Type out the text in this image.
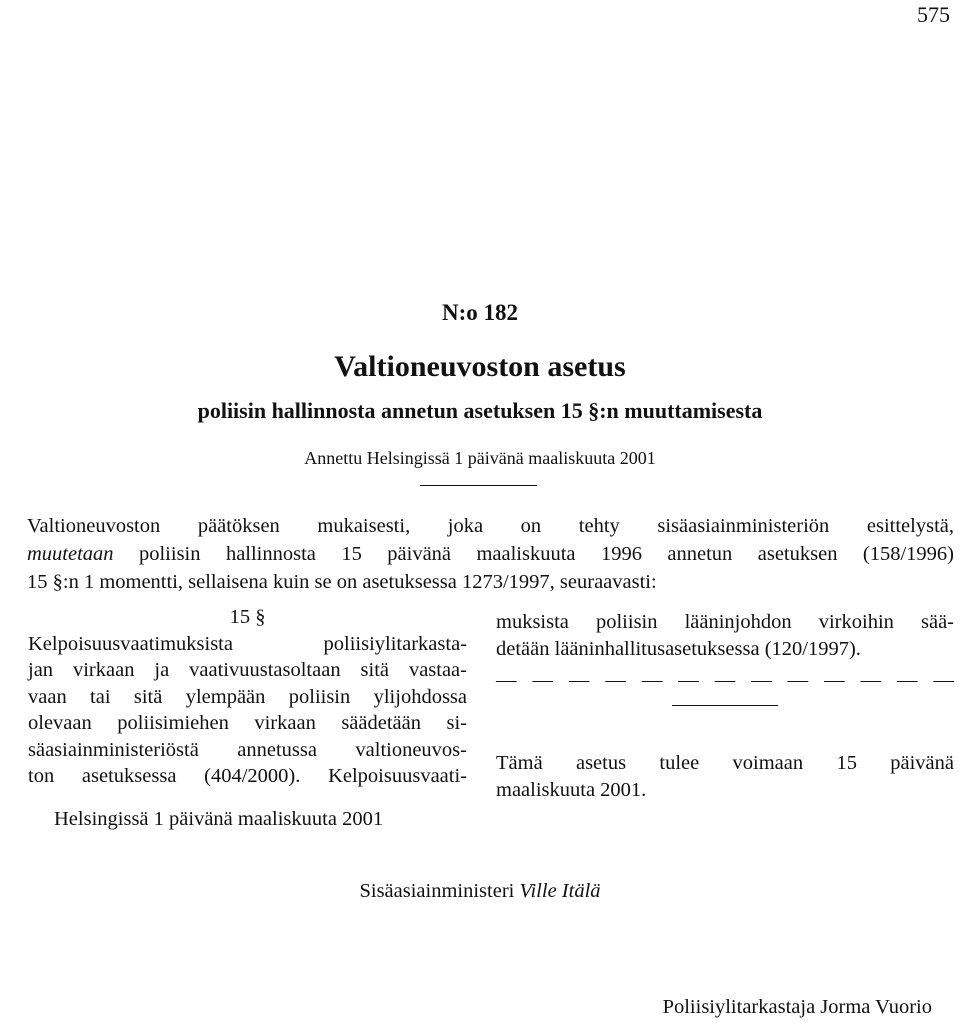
575
N:o 182
Valtioneuvoston asetus
poliisin hallinnosta annetun asetuksen 15 §:n muuttamisesta
Annettu Helsingissä 1 päivänä maaliskuuta 2001
Valtioneuvoston päätöksen mukaisesti, joka on tehty sisäasiainministeriön esittelystä,
muutetaan poliisin hallinnosta 15 päivänä maaliskuuta 1996 annetun asetuksen (158/1996)
15 §:n 1 momentti, sellaisena kuin se on asetuksessa 1273/1997, seuraavasti:
15 §
Kelpoisuusvaatimuksista poliisiylitarkasta-
jan virkaan ja vaativuustasoltaan sitä vastaa-
vaan tai sitä ylempään poliisin ylijohdossa
olevaan poliisimiehen virkaan säädetään si-
säasiainministeriöstä annetussa valtioneuvos-
ton asetuksessa (404/2000). Kelpoisuusvaati-
muksista poliisin lääninjohdon virkoihin sää-
detään lääninhallitusasetuksessa (120/1997).
— — — — — — — — — — — — —
Tämä asetus tulee voimaan 15 päivänä
maaliskuuta 2001.
Helsingissä 1 päivänä maaliskuuta 2001
Sisäasiainministeri Ville Itälä
Poliisiylitarkastaja Jorma Vuorio
